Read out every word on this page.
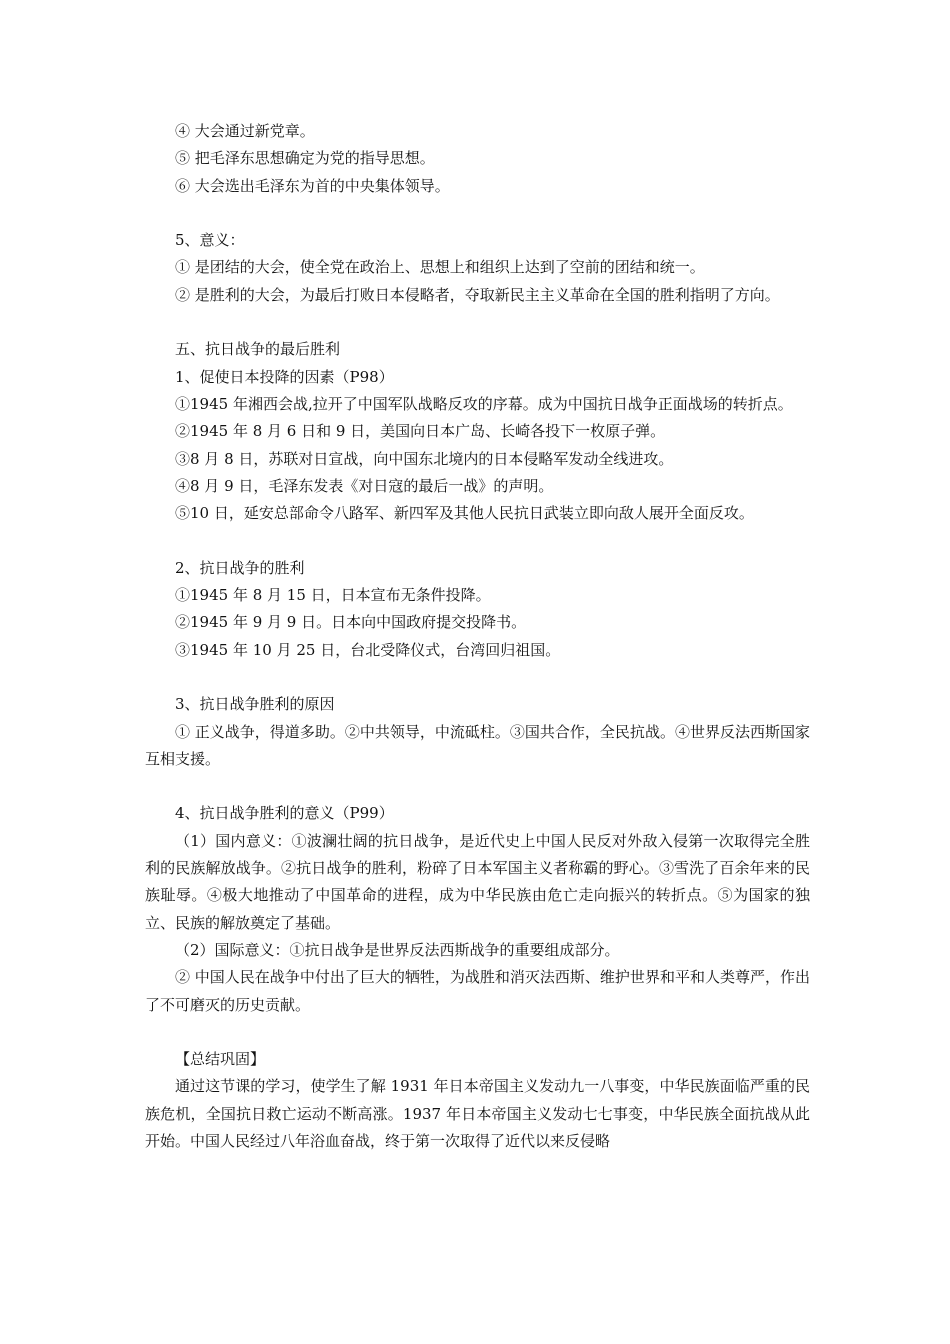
④ 大会通过新党章。

⑤ 把毛泽东思想确定为党的指导思想。

⑥ 大会选出毛泽东为首的中央集体领导。

5、意义：

① 是团结的大会，使全党在政治上、思想上和组织上达到了空前的团结和统一。

② 是胜利的大会，为最后打败日本侵略者，夺取新民主主义革命在全国的胜利指明了方向。

五、抗日战争的最后胜利

1、促使日本投降的因素（P98）

①1945 年湘西会战,拉开了中国军队战略反攻的序幕。成为中国抗日战争正面战场的转折点。

②1945 年 8 月 6 日和 9 日，美国向日本广岛、长崎各投下一枚原子弹。

③8 月 8 日，苏联对日宣战，向中国东北境内的日本侵略军发动全线进攻。

④8 月 9 日，毛泽东发表《对日寇的最后一战》的声明。

⑤10 日，延安总部命令八路军、新四军及其他人民抗日武装立即向敌人展开全面反攻。

2、抗日战争的胜利

①1945 年 8 月 15 日，日本宣布无条件投降。

②1945 年 9 月 9 日。日本向中国政府提交投降书。

③1945 年 10 月 25 日，台北受降仪式，台湾回归祖国。

3、抗日战争胜利的原因

① 正义战争，得道多助。②中共领导，中流砥柱。③国共合作，全民抗战。④世界反法西斯国家互相支援。

4、抗日战争胜利的意义（P99）

（1）国内意义：①波澜壮阔的抗日战争，是近代史上中国人民反对外敌入侵第一次取得完全胜利的民族解放战争。②抗日战争的胜利，粉碎了日本军国主义者称霸的野心。③雪洗了百余年来的民族耻辱。④极大地推动了中国革命的进程，成为中华民族由危亡走向振兴的转折点。⑤为国家的独立、民族的解放奠定了基础。

（2）国际意义：①抗日战争是世界反法西斯战争的重要组成部分。

② 中国人民在战争中付出了巨大的牺牲，为战胜和消灭法西斯、维护世界和平和人类尊严，作出了不可磨灭的历史贡献。

【总结巩固】

通过这节课的学习，使学生了解 1931 年日本帝国主义发动九一八事变，中华民族面临严重的民族危机，全国抗日救亡运动不断高涨。1937 年日本帝国主义发动七七事变，中华民族全面抗战从此开始。中国人民经过八年浴血奋战，终于第一次取得了近代以来反侵略
